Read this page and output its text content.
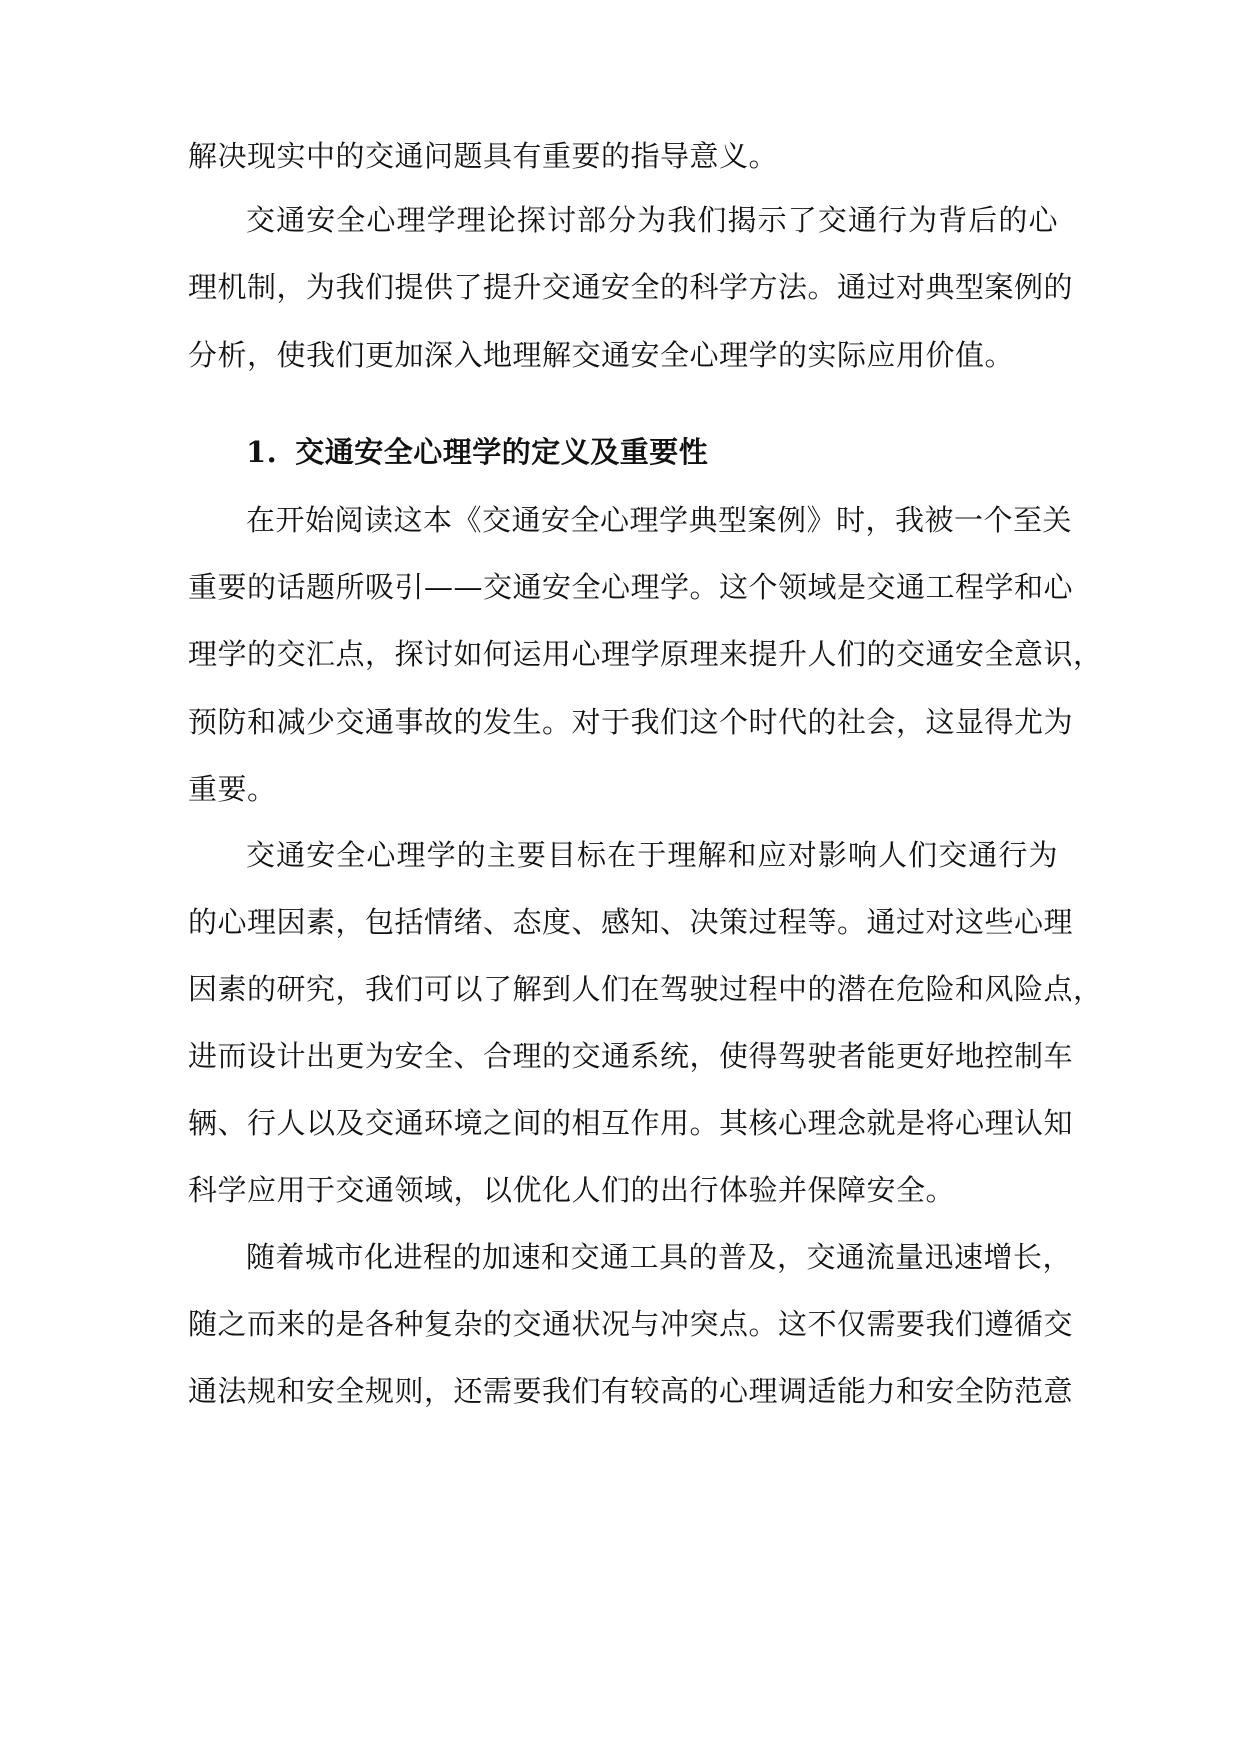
解决现实中的交通问题具有重要的指导意义。
交通安全心理学理论探讨部分为我们揭示了交通行为背后的心
理机制，为我们提供了提升交通安全的科学方法。通过对典型案例的
分析，使我们更加深入地理解交通安全心理学的实际应用价值。
1. 交通安全心理学的定义及重要性
在开始阅读这本《交通安全心理学典型案例》时，我被一个至关
重要的话题所吸引——交通安全心理学。这个领域是交通工程学和心
理学的交汇点，探讨如何运用心理学原理来提升人们的交通安全意识，
预防和减少交通事故的发生。对于我们这个时代的社会，这显得尤为
重要。
交通安全心理学的主要目标在于理解和应对影响人们交通行为
的心理因素，包括情绪、态度、感知、决策过程等。通过对这些心理
因素的研究，我们可以了解到人们在驾驶过程中的潜在危险和风险点，
进而设计出更为安全、合理的交通系统，使得驾驶者能更好地控制车
辆、行人以及交通环境之间的相互作用。其核心理念就是将心理认知
科学应用于交通领域，以优化人们的出行体验并保障安全。
随着城市化进程的加速和交通工具的普及，交通流量迅速增长，
随之而来的是各种复杂的交通状况与冲突点。这不仅需要我们遵循交
通法规和安全规则，还需要我们有较高的心理调适能力和安全防范意
